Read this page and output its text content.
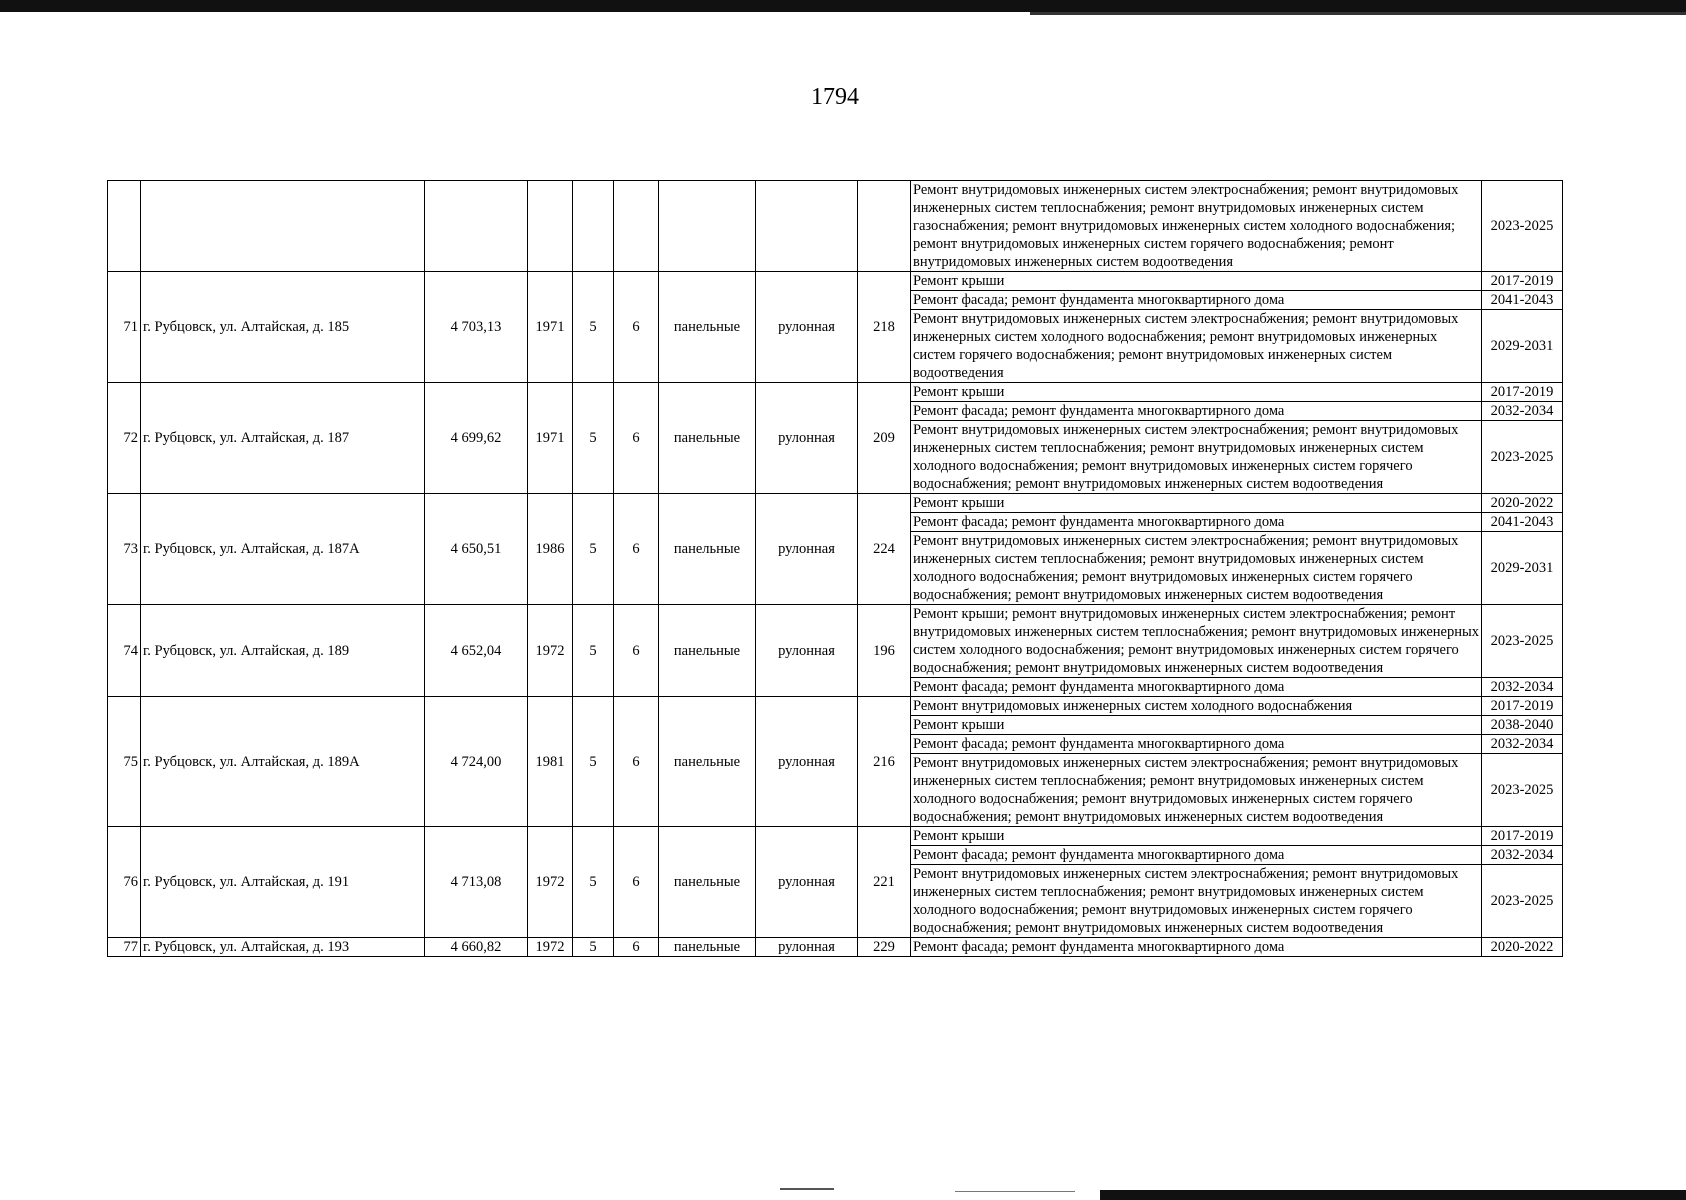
1794
									Ремонт внутридомовых инженерных систем электроснабжения; ремонт внутридомовых инженерных систем теплоснабжения; ремонт внутридомовых инженерных систем газоснабжения; ремонт внутридомовых инженерных систем холодного водоснабжения; ремонт внутридомовых инженерных систем горячего водоснабжения; ремонт внутридомовых инженерных систем водоотведения	2023-2025
71	г. Рубцовск, ул. Алтайская, д. 185	4 703,13	1971	5	6	панельные	рулонная	218	Ремонт крыши	2017-2019
									Ремонт фасада; ремонт фундамента многоквартирного дома	2041-2043
									Ремонт внутридомовых инженерных систем электроснабжения; ремонт внутридомовых инженерных систем холодного водоснабжения; ремонт внутридомовых инженерных систем горячего водоснабжения; ремонт внутридомовых инженерных систем водоотведения	2029-2031
72	г. Рубцовск, ул. Алтайская, д. 187	4 699,62	1971	5	6	панельные	рулонная	209	Ремонт крыши	2017-2019
									Ремонт фасада; ремонт фундамента многоквартирного дома	2032-2034
									Ремонт внутридомовых инженерных систем электроснабжения; ремонт внутридомовых инженерных систем теплоснабжения; ремонт внутридомовых инженерных систем холодного водоснабжения; ремонт внутридомовых инженерных систем горячего водоснабжения; ремонт внутридомовых инженерных систем водоотведения	2023-2025
73	г. Рубцовск, ул. Алтайская, д. 187А	4 650,51	1986	5	6	панельные	рулонная	224	Ремонт крыши	2020-2022
									Ремонт фасада; ремонт фундамента многоквартирного дома	2041-2043
									Ремонт внутридомовых инженерных систем электроснабжения; ремонт внутридомовых инженерных систем теплоснабжения; ремонт внутридомовых инженерных систем холодного водоснабжения; ремонт внутридомовых инженерных систем горячего водоснабжения; ремонт внутридомовых инженерных систем водоотведения	2029-2031
74	г. Рубцовск, ул. Алтайская, д. 189	4 652,04	1972	5	6	панельные	рулонная	196	Ремонт крыши; ремонт внутридомовых инженерных систем электроснабжения; ремонт внутридомовых инженерных систем теплоснабжения; ремонт внутридомовых инженерных систем холодного водоснабжения; ремонт внутридомовых инженерных систем горячего водоснабжения; ремонт внутридомовых инженерных систем водоотведения	2023-2025
									Ремонт фасада; ремонт фундамента многоквартирного дома	2032-2034
75	г. Рубцовск, ул. Алтайская, д. 189А	4 724,00	1981	5	6	панельные	рулонная	216	Ремонт внутридомовых инженерных систем холодного водоснабжения	2017-2019
									Ремонт крыши	2038-2040
									Ремонт фасада; ремонт фундамента многоквартирного дома	2032-2034
									Ремонт внутридомовых инженерных систем электроснабжения; ремонт внутридомовых инженерных систем теплоснабжения; ремонт внутридомовых инженерных систем холодного водоснабжения; ремонт внутридомовых инженерных систем горячего водоснабжения; ремонт внутридомовых инженерных систем водоотведения	2023-2025
76	г. Рубцовск, ул. Алтайская, д. 191	4 713,08	1972	5	6	панельные	рулонная	221	Ремонт крыши	2017-2019
									Ремонт фасада; ремонт фундамента многоквартирного дома	2032-2034
									Ремонт внутридомовых инженерных систем электроснабжения; ремонт внутридомовых инженерных систем теплоснабжения; ремонт внутридомовых инженерных систем холодного водоснабжения; ремонт внутридомовых инженерных систем горячего водоснабжения; ремонт внутридомовых инженерных систем водоотведения	2023-2025
77	г. Рубцовск, ул. Алтайская, д. 193	4 660,82	1972	5	6	панельные	рулонная	229	Ремонт фасада; ремонт фундамента многоквартирного дома	2020-2022
